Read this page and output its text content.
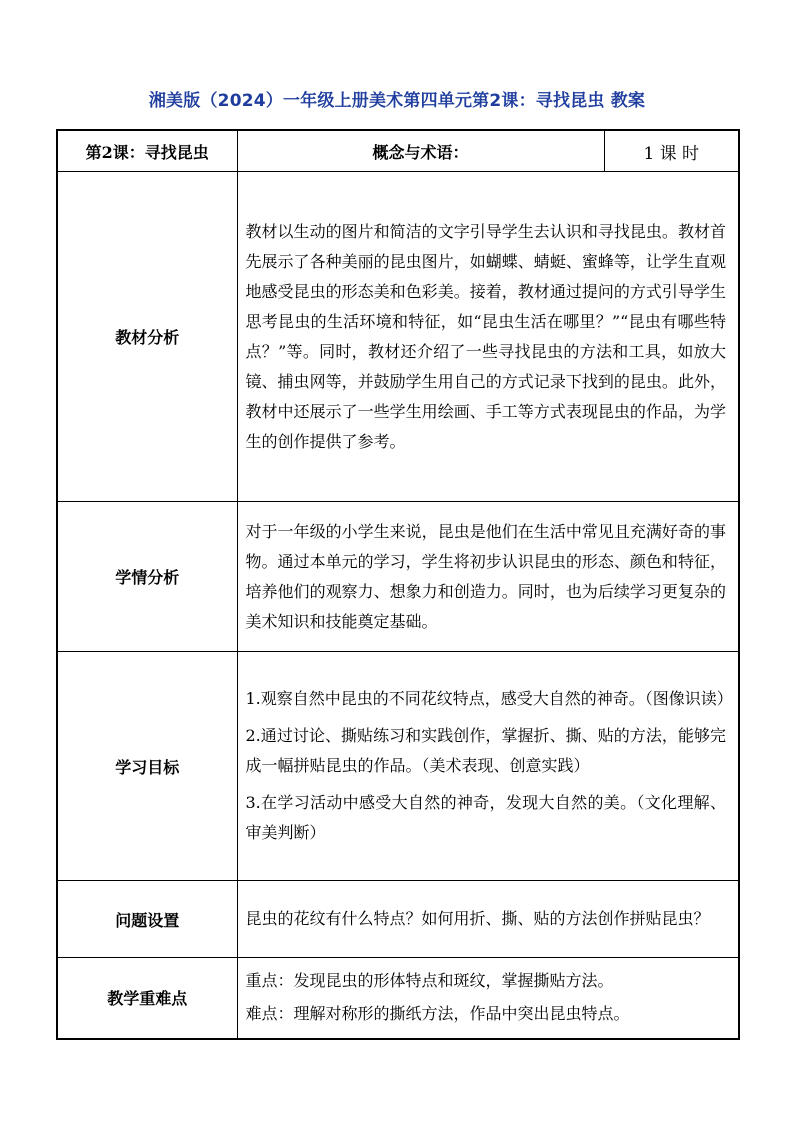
湘美版（2024）一年级上册美术第四单元第2课：寻找昆虫 教案
第2课：寻找昆虫	概念与术语：	1 课 时
教材分析	教材以生动的图片和简洁的文字引导学生去认识和寻找昆虫。教材首先展示了各种美丽的昆虫图片，如蝴蝶、蜻蜓、蜜蜂等，让学生直观地感受昆虫的形态美和色彩美。接着，教材通过提问的方式引导学生思考昆虫的生活环境和特征，如“昆虫生活在哪里？”“昆虫有哪些特点？”等。同时，教材还介绍了一些寻找昆虫的方法和工具，如放大镜、捕虫网等，并鼓励学生用自己的方式记录下找到的昆虫。此外，教材中还展示了一些学生用绘画、手工等方式表现昆虫的作品，为学生的创作提供了参考。	

学情分析	对于一年级的小学生来说，昆虫是他们在生活中常见且充满好奇的事物。通过本单元的学习，学生将初步认识昆虫的形态、颜色和特征，培养他们的观察力、想象力和创造力。同时，也为后续学习更复杂的美术知识和技能奠定基础。	

学习目标	1.观察自然中昆虫的不同花纹特点，感受大自然的神奇。（图像识读）

2.通过讨论、撕贴练习和实践创作，掌握折、撕、贴的方法，能够完成一幅拼贴昆虫的作品。（美术表现、创意实践）

3.在学习活动中感受大自然的神奇，发现大自然的美。（文化理解、审美判断）	

问题设置	昆虫的花纹有什么特点？如何用折、撕、贴的方法创作拼贴昆虫？	

教学重难点	重点：发现昆虫的形体特点和斑纹，掌握撕贴方法。

难点：理解对称形的撕纸方法，作品中突出昆虫特点。	
